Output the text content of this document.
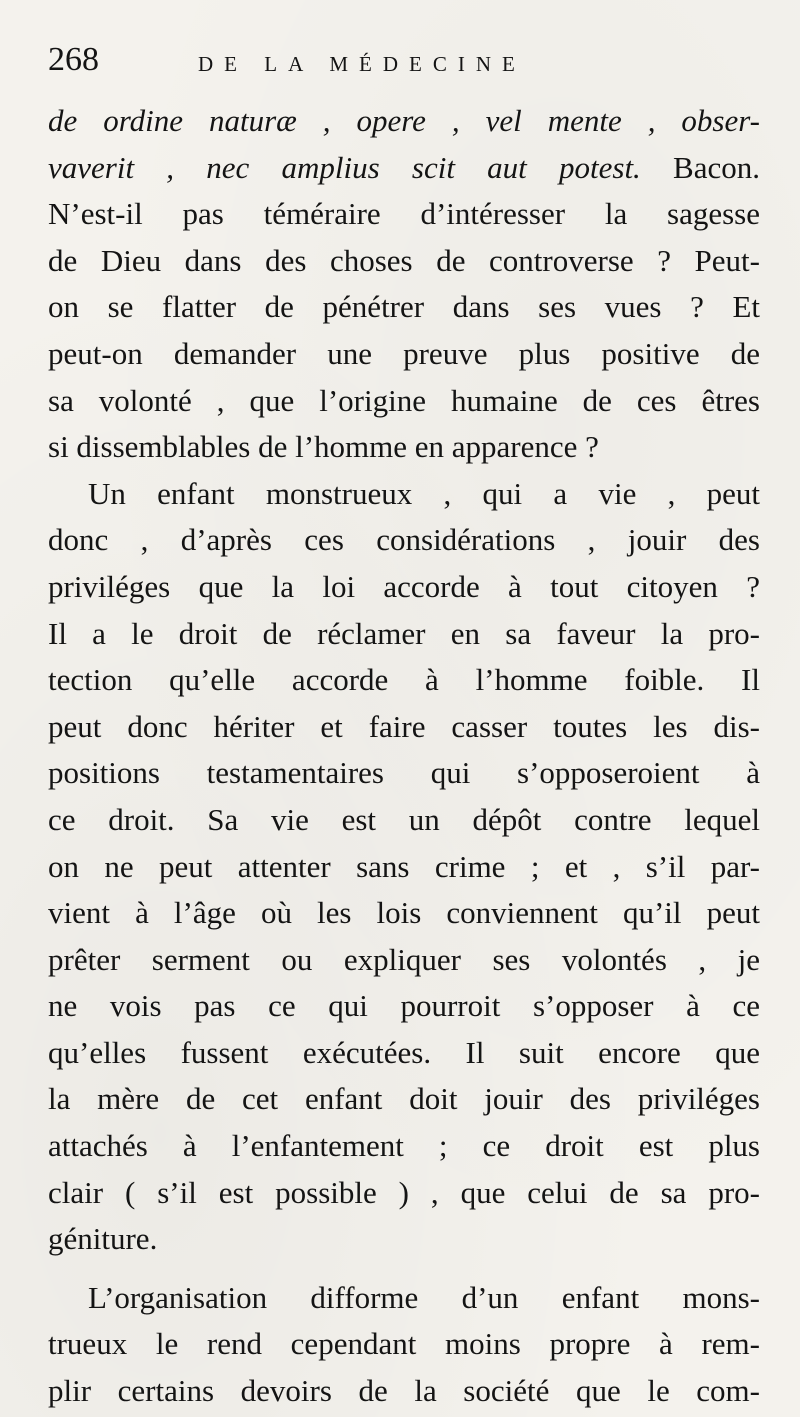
268	DE LA MÉDECINE
de ordine naturæ , opere , vel mente , obser-
vaverit , nec amplius scit aut potest. Bacon.
N’est-il pas téméraire d’intéresser la sagesse
de Dieu dans des choses de controverse ? Peut-
on se flatter de pénétrer dans ses vues ? Et
peut-on demander une preuve plus positive de
sa volonté , que l’origine humaine de ces êtres
si dissemblables de l’homme en apparence ?
Un enfant monstrueux , qui a vie , peut
donc , d’après ces considérations , jouir des
priviléges que la loi accorde à tout citoyen ?
Il a le droit de réclamer en sa faveur la pro-
tection qu’elle accorde à l’homme foible. Il
peut donc hériter et faire casser toutes les dis-
positions testamentaires qui s’opposeroient à
ce droit. Sa vie est un dépôt contre lequel
on ne peut attenter sans crime ; et , s’il par-
vient à l’âge où les lois conviennent qu’il peut
prêter serment ou expliquer ses volontés , je
ne vois pas ce qui pourroit s’opposer à ce
qu’elles fussent exécutées. Il suit encore que
la mère de cet enfant doit jouir des priviléges
attachés à l’enfantement ; ce droit est plus
clair ( s’il est possible ) , que celui de sa pro-
géniture.
L’organisation difforme d’un enfant mons-
trueux le rend cependant moins propre à rem-
plir certains devoirs de la société que le com-
